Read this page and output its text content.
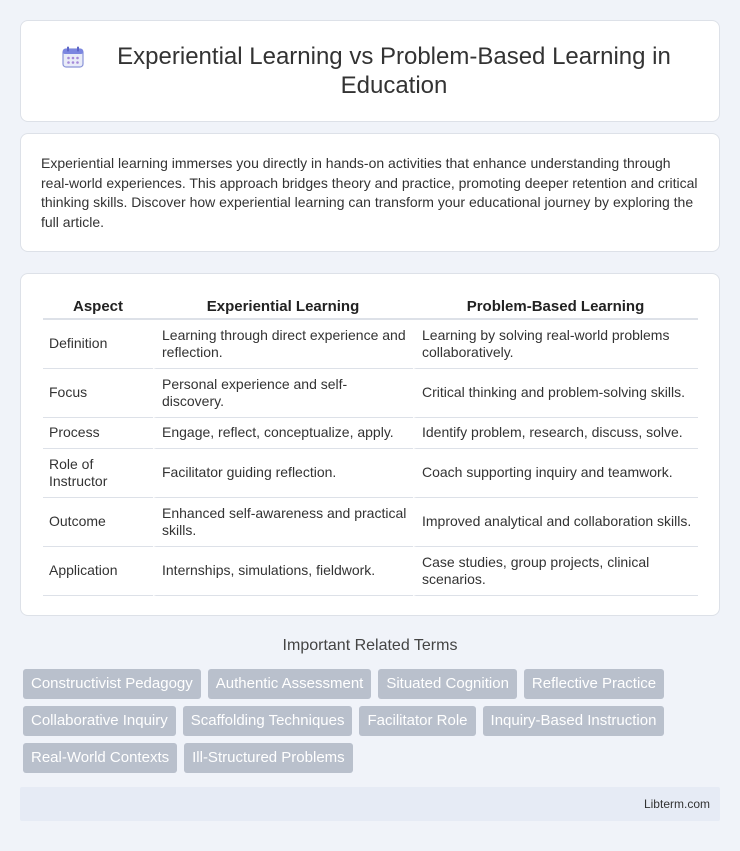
Experiential Learning vs Problem-Based Learning in Education

Experiential learning immerses you directly in hands-on activities that enhance understanding through real-world experiences. This approach bridges theory and practice, promoting deeper retention and critical thinking skills. Discover how experiential learning can transform your educational journey by exploring the full article.

Aspect	Experiential Learning	Problem-Based Learning
Definition	Learning through direct experience and reflection.	Learning by solving real-world problems collaboratively.
Focus	Personal experience and self-discovery.	Critical thinking and problem-solving skills.
Process	Engage, reflect, conceptualize, apply.	Identify problem, research, discuss, solve.
Role of Instructor	Facilitator guiding reflection.	Coach supporting inquiry and teamwork.
Outcome	Enhanced self-awareness and practical skills.	Improved analytical and collaboration skills.
Application	Internships, simulations, fieldwork.	Case studies, group projects, clinical scenarios.
Important Related Terms
Constructivist Pedagogy	Authentic Assessment	Situated Cognition	Reflective Practice
Collaborative Inquiry	Scaffolding Techniques	Facilitator Role	Inquiry-Based Instruction
Real-World Contexts	Ill-Structured Problems
Libterm.com
